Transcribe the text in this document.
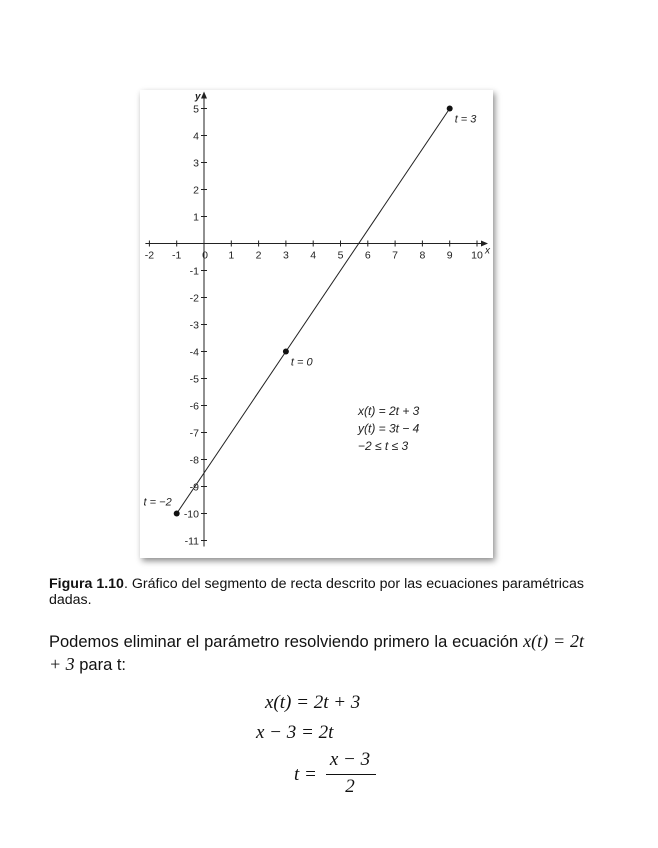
x
y
-2 -1 0 1 2 3 4 5 6 7 8 9 10
5
4
3
2
1
-1
-2
-3
-4
-5
-6
-7
-8
-9
-10
-11
t = −2
t = 0
t = 3
x(t) = 2t + 3
y(t) = 3t − 4
−2 ≤ t ≤ 3
Figura 1.10. Gráfico del segmento de recta descrito por las ecuaciones paramétricas dadas.
Podemos eliminar el parámetro resolviendo primero la ecuación x(t) = 2t + 3 para t:
x(t) = 2t + 3
x − 3 = 2t
t =
x − 3
2
